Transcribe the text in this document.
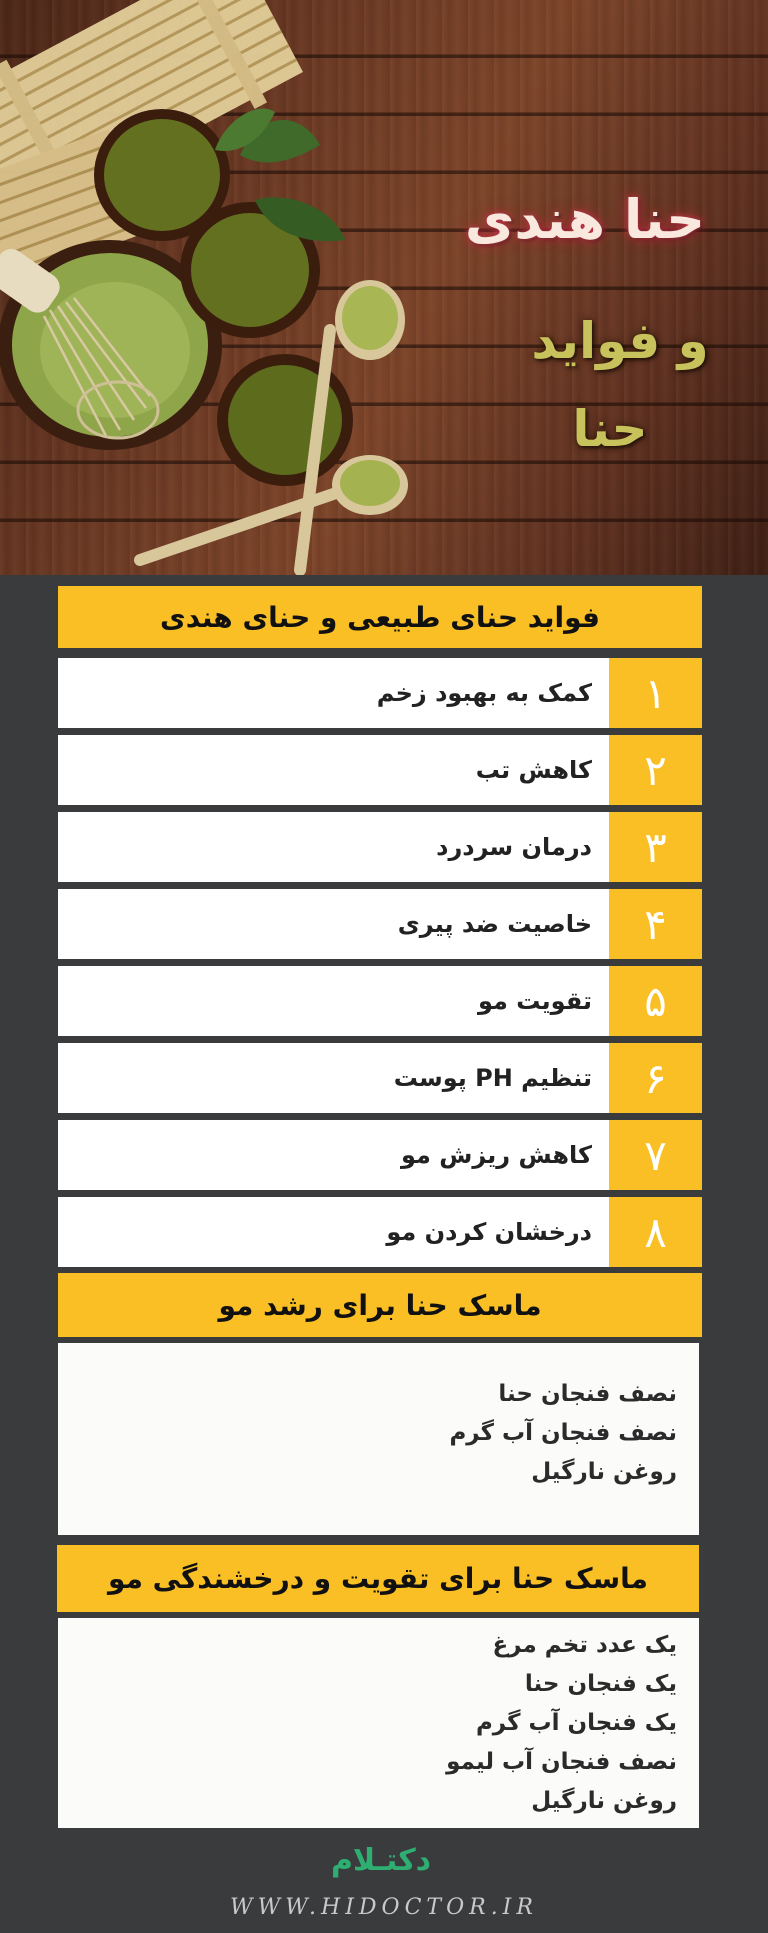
حنا هندی
و فواید
حنا
فواید حنای طبیعی و حنای هندی
۱
کمک به بهبود زخم
۲
کاهش تب
۳
درمان سردرد
۴
خاصیت ضد پیری
۵
تقویت مو
۶
تنظیم PH پوست
۷
کاهش ریزش مو
۸
درخشان کردن مو
ماسک حنا برای رشد مو
نصف فنجان حنا
نصف فنجان آب گرم
روغن نارگیل
ماسک حنا برای تقویت و درخشندگی مو
یک عدد تخم مرغ
یک فنجان حنا
یک فنجان آب گرم
نصف فنجان آب لیمو
روغن نارگیل
دکتـلام
WWW.HIDOCTOR.IR
